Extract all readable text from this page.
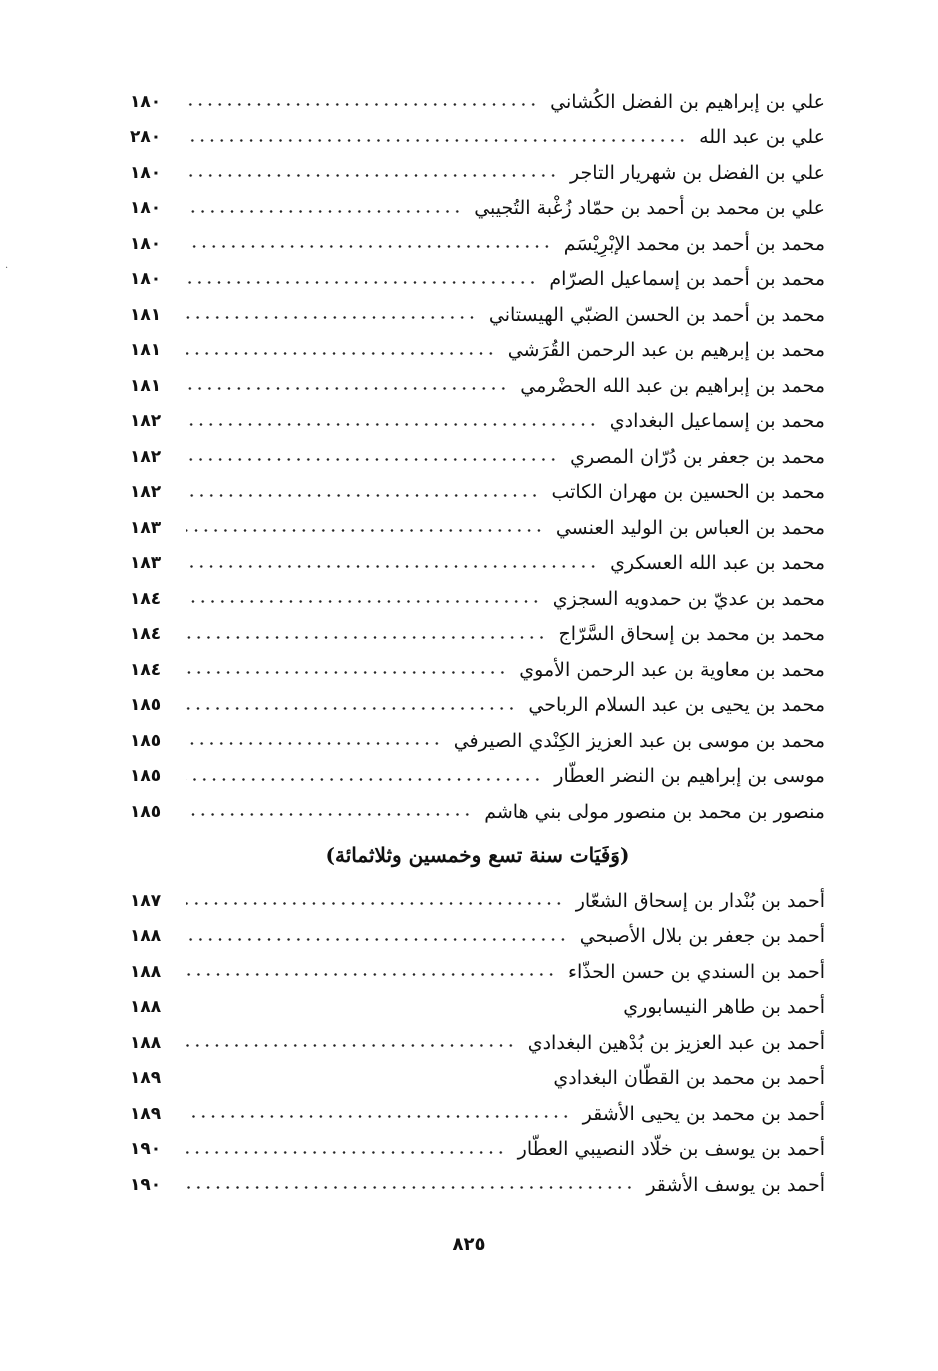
·
علي بن إبراهيم بن الفضل الكُشاني
١٨٠
علي بن عبد الله
٢٨٠
علي بن الفضل بن شهريار التاجر
١٨٠
علي بن محمد بن أحمد بن حمّاد زُغْبة التُجيبي
١٨٠
محمد بن أحمد بن محمد الإبْرِيْسَم
١٨٠
محمد بن أحمد بن إسماعيل الصرّام
١٨٠
محمد بن أحمد بن الحسن الضبّي الهيستاني
١٨١
محمد بن إبرهيم بن عبد الرحمن القُرَشي
١٨١
محمد بن إبراهيم بن عبد الله الحضْرمي
١٨١
محمد بن إسماعيل البغدادي
١٨٢
محمد بن جعفر بن دُرّان المصري
١٨٢
محمد بن الحسين بن مهران الكاتب
١٨٢
محمد بن العباس بن الوليد العنسي
١٨٣
محمد بن عبد الله العسكري
١٨٣
محمد بن عديّ بن حمدويه السجزي
١٨٤
محمد بن محمد بن إسحاق السَّرّاج
١٨٤
محمد بن معاوية بن عبد الرحمن الأموي
١٨٤
محمد بن يحيى بن عبد السلام الرباحي
١٨٥
محمد بن موسى بن عبد العزيز الكِنْدي الصيرفي
١٨٥
موسى بن إبراهيم بن النضر العطّار
١٨٥
منصور بن محمد بن منصور مولى بني هاشم
١٨٥
(وَفَيَات سنة تسع وخمسين وثلاثمائة)
أحمد بن بُنْدار بن إسحاق الشعّار
١٨٧
أحمد بن جعفر بن بلال الأصبحي
١٨٨
أحمد بن السندي بن حسن الحذّاء
١٨٨
أحمد بن طاهر النيسابوري
١٨٨
أحمد بن عبد العزيز بن بُدْهين البغدادي
١٨٨
أحمد بن محمد بن القطّان البغدادي
١٨٩
أحمد بن محمد بن يحيى الأشقر
١٨٩
أحمد بن يوسف بن خلّاد النصيبي العطّار
١٩٠
أحمد بن يوسف الأشقر
١٩٠
٨٢٥
